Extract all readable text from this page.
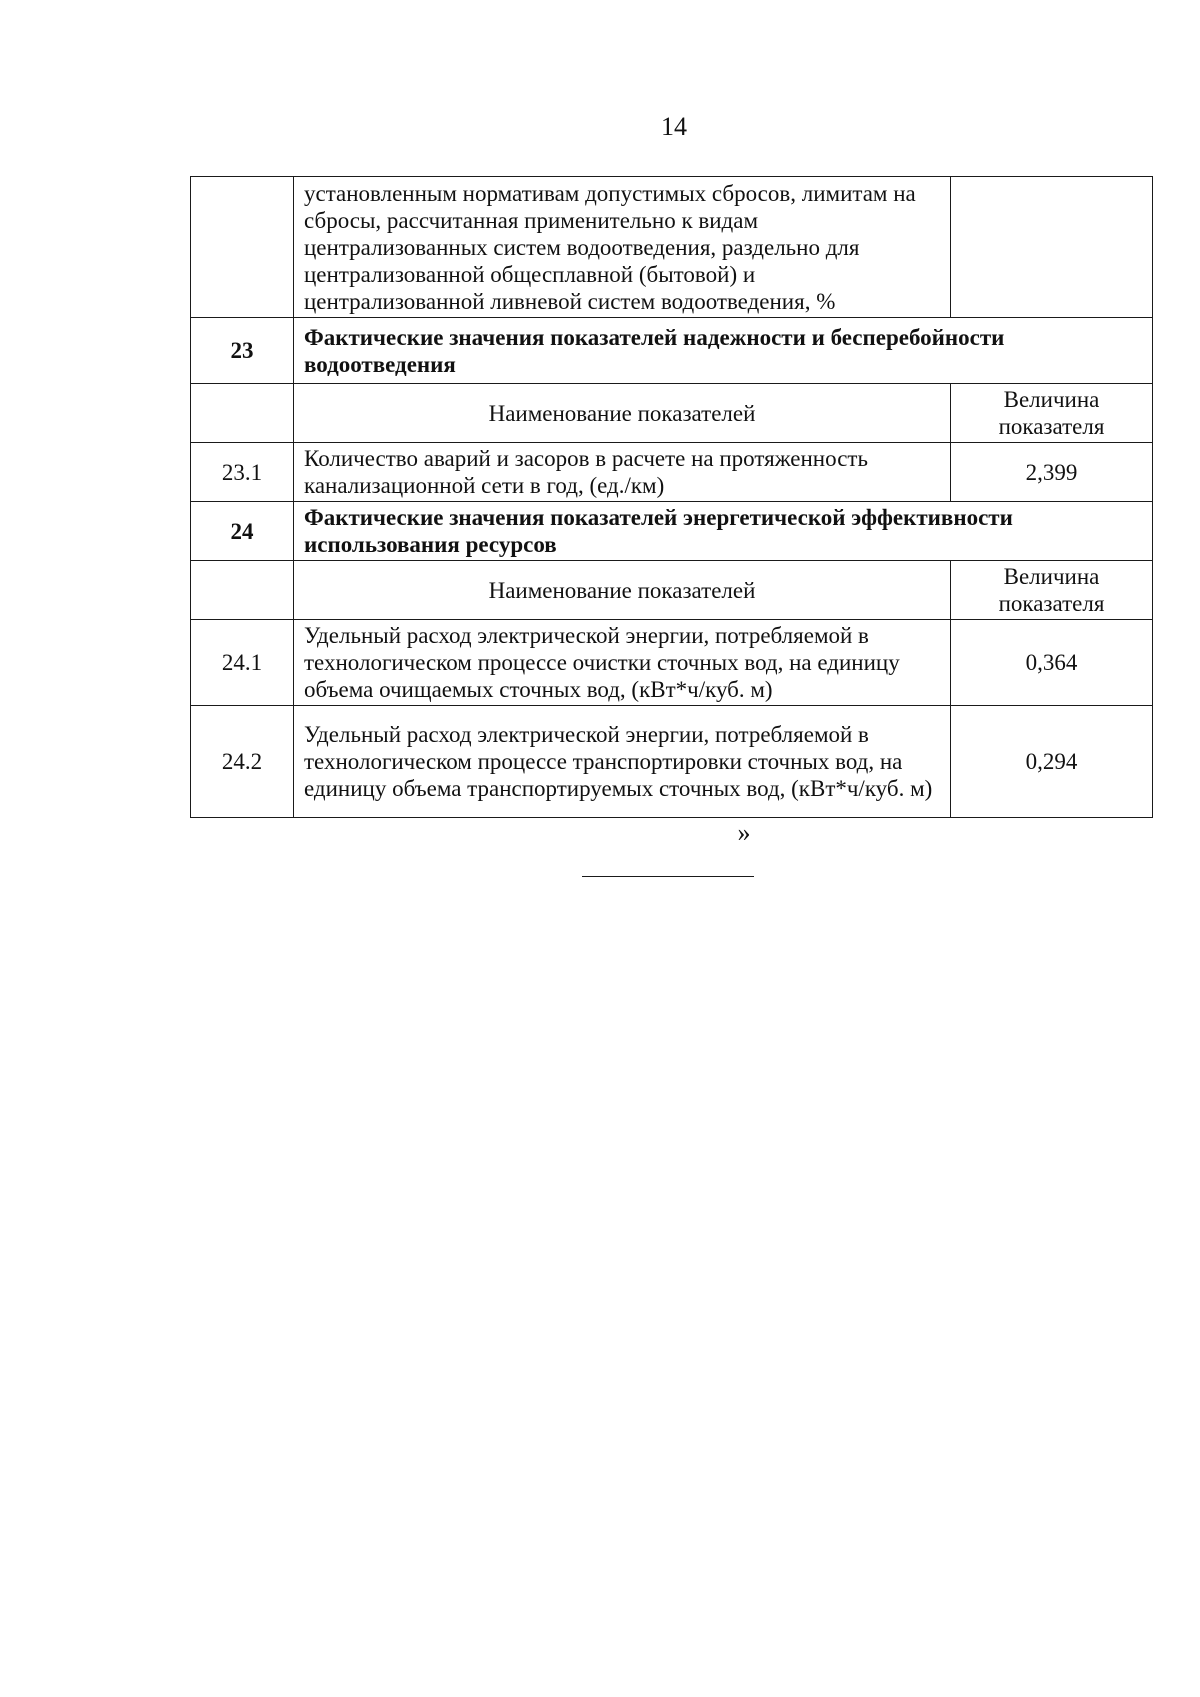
14
	установленным нормативам допустимых сбросов, лимитам на сбросы, рассчитанная применительно к видам централизованных систем водоотведения, раздельно для централизованной общесплавной (бытовой) и централизованной ливневой систем водоотведения, %	
23	Фактические значения показателей надежности и бесперебойности водоотведения	
	Наименование показателей	Величина показателя
23.1	Количество аварий и засоров в расчете на протяженность канализационной сети в год, (ед./км)	2,399
24	Фактические значения показателей энергетической эффективности использования ресурсов	
	Наименование показателей	Величина показателя
24.1	Удельный расход электрической энергии, потребляемой в технологическом процессе очистки сточных вод, на единицу объема очищаемых сточных вод, (кВт*ч/куб. м)	0,364
24.2	Удельный расход электрической энергии, потребляемой в технологическом процессе транспортировки сточных вод, на единицу объема транспортируемых сточных вод, (кВт*ч/куб. м)	0,294
»
